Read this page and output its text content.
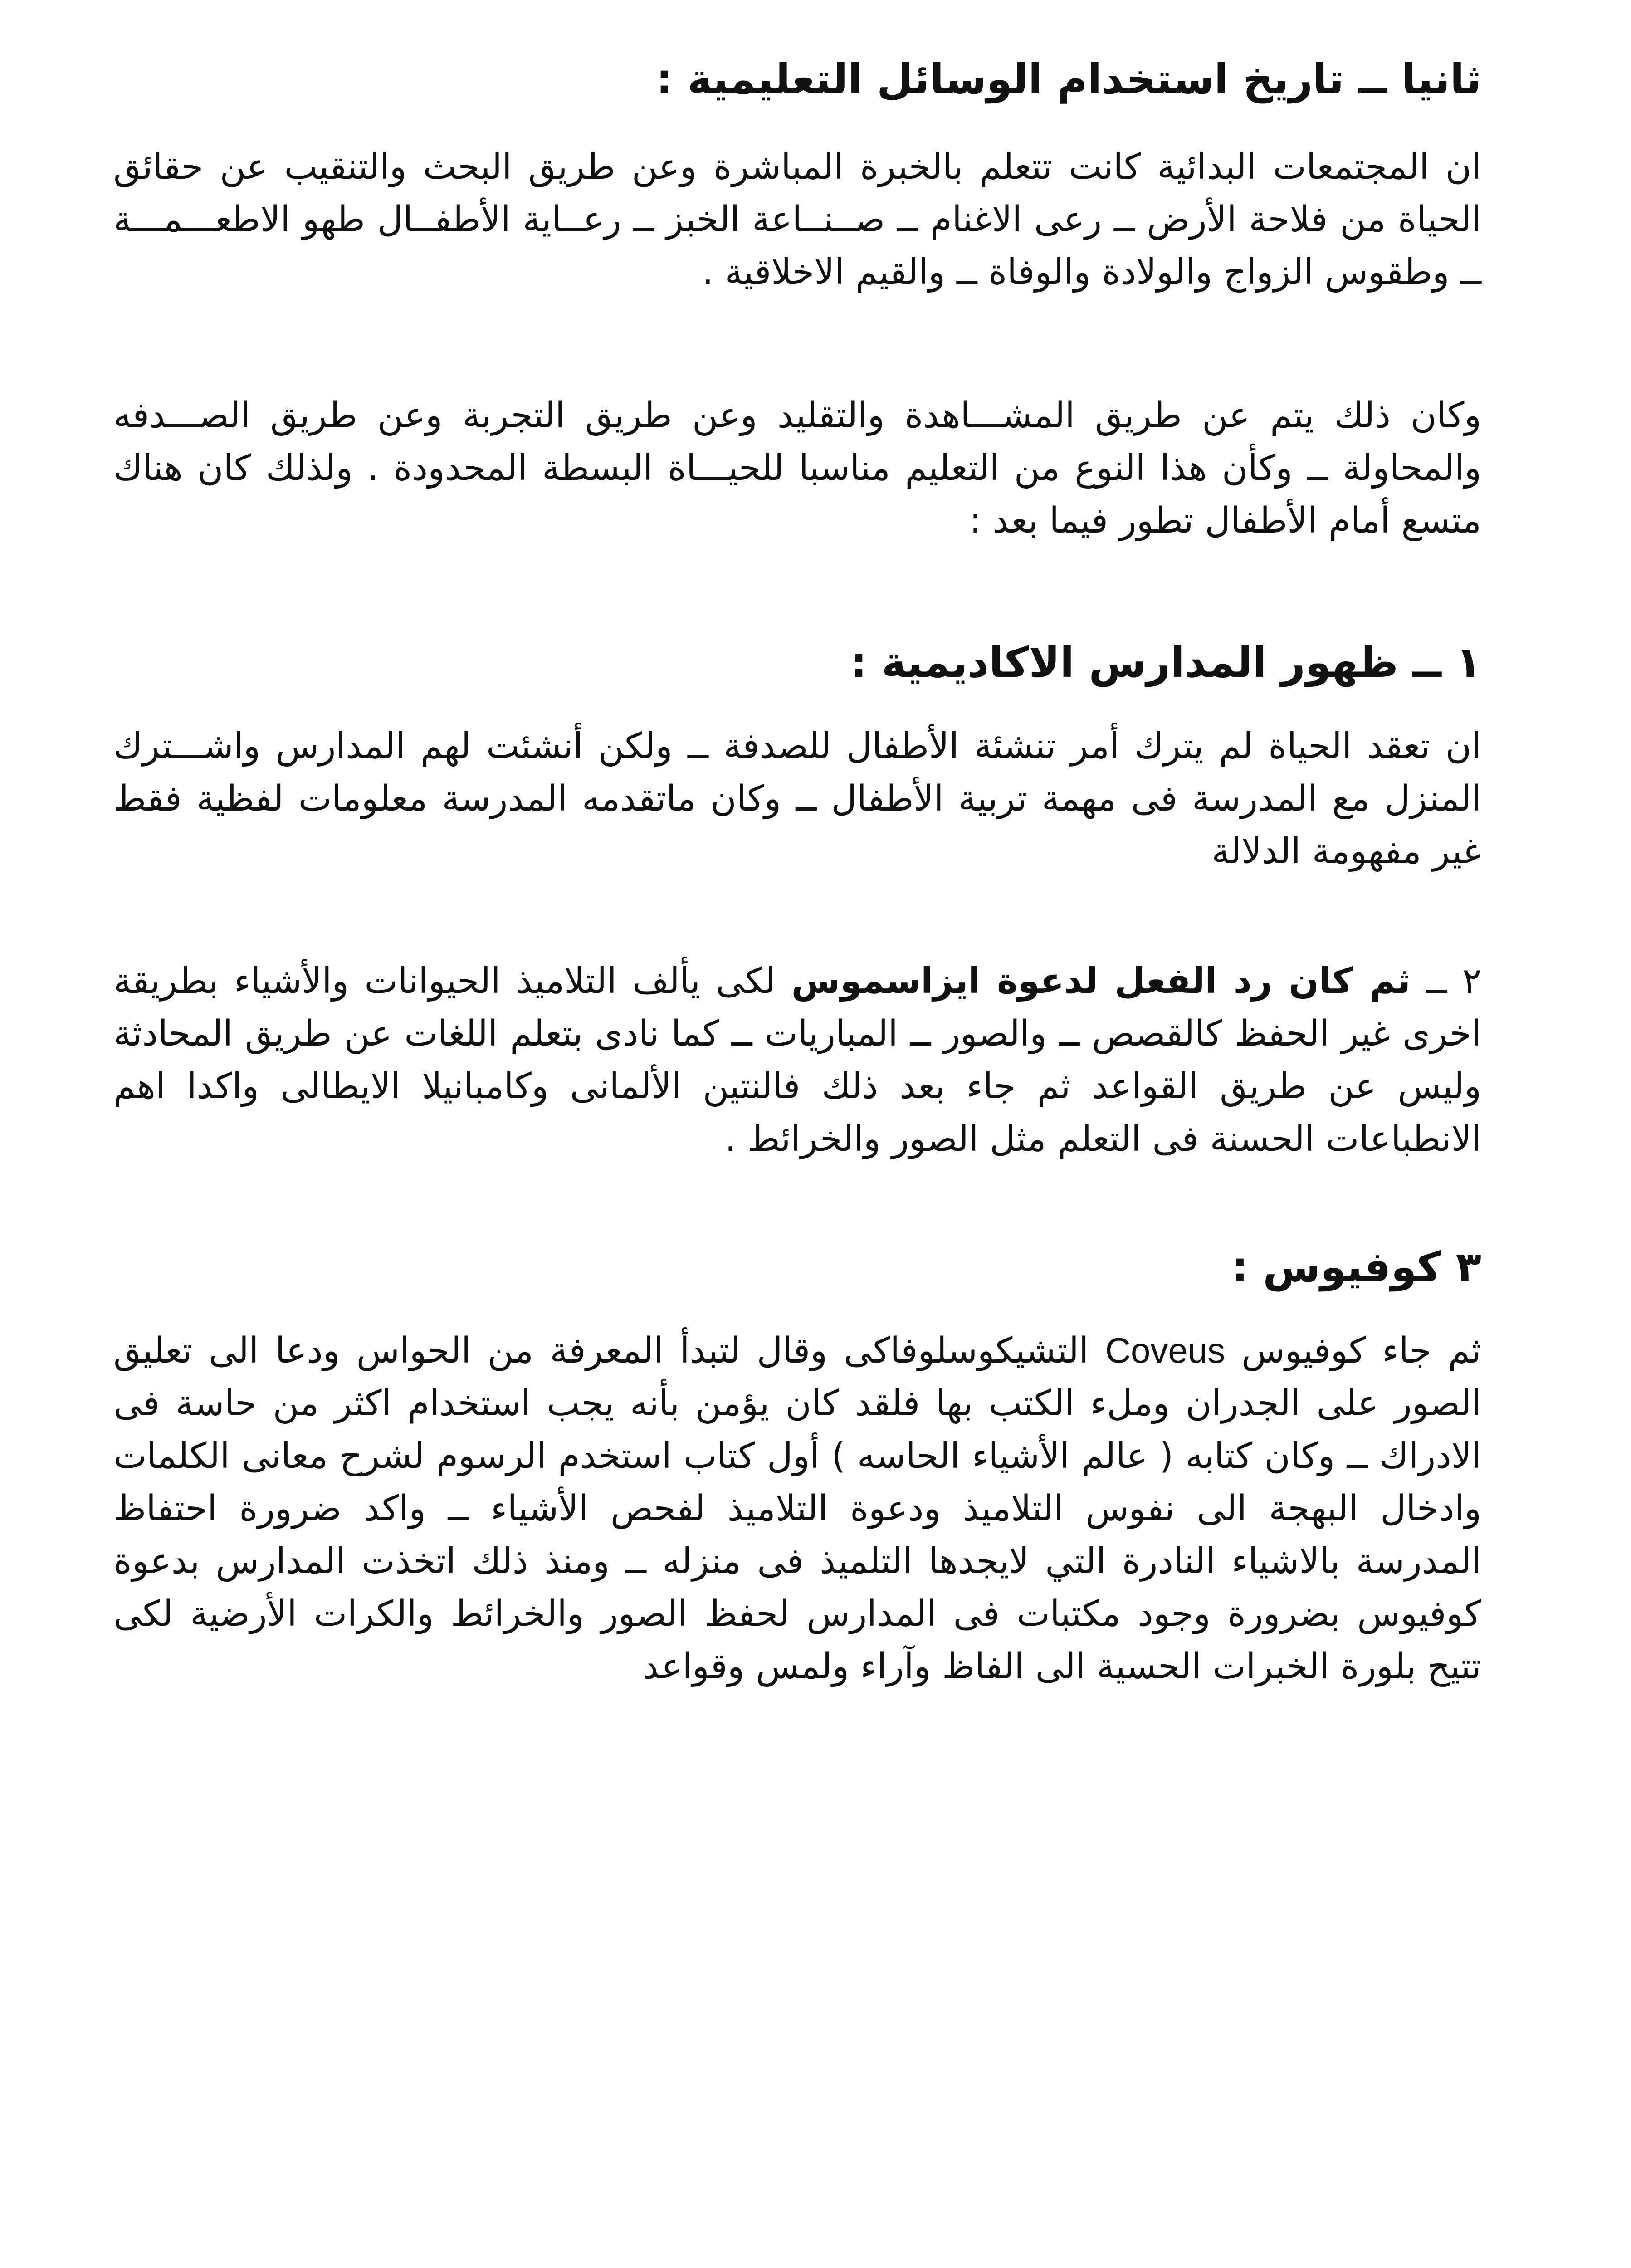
ثانيا ــ تاريخ استخدام الوسائل التعليمية :

ان المجتمعات البدائية كانت تتعلم بالخبرة المباشرة وعن طريق البحث والتنقيب عن حقائق الحياة من فلاحة الأرض ــ رعى الاغنام ــ صــنــاعة الخبز ــ رعــاية الأطفــال طهو الاطعـــمـــة ــ وطقوس الزواج والولادة والوفاة ــ والقيم الاخلاقية .

وكان ذلك يتم عن طريق المشـــاهدة والتقليد وعن طريق التجربة وعن طريق الصـــدفه والمحاولة ــ وكأن هذا النوع من التعليم مناسبا للحيـــاة البسطة المحدودة . ولذلك كان هناك متسع أمام الأطفال تطور فيما بعد :

١ ــ ظهور المدارس الاكاديمية :

ان تعقد الحياة لم يترك أمر تنشئة الأطفال للصدفة ــ ولكن أنشئت لهم المدارس واشـــترك المنزل مع المدرسة فى مهمة تربية الأطفال ــ وكان ماتقدمه المدرسة معلومات لفظية فقط غير مفهومة الدلالة

٢ ــ ثم كان رد الفعل لدعوة ايزاسموس لكى يألف التلاميذ الحيوانات والأشياء بطريقة اخرى غير الحفظ كالقصص ــ والصور ــ المباريات ــ كما نادى بتعلم اللغات عن طريق المحادثة وليس عن طريق القواعد ثم جاء بعد ذلك فالنتين الألمانى وكامبانيلا الايطالى واكدا اهم الانطباعات الحسنة فى التعلم مثل الصور والخرائط .

٣ كوفيوس :

ثم جاء كوفيوس Coveus التشيكوسلوفاكى وقال لتبدأ المعرفة من الحواس ودعا الى تعليق الصور على الجدران وملء الكتب بها فلقد كان يؤمن بأنه يجب استخدام اكثر من حاسة فى الادراك ــ وكان كتابه ( عالم الأشياء الحاسه ) أول كتاب استخدم الرسوم لشرح معانى الكلمات وادخال البهجة الى نفوس التلاميذ ودعوة التلاميذ لفحص الأشياء ــ واكد ضرورة احتفاظ المدرسة بالاشياء النادرة التي لايجدها التلميذ فى منزله ــ ومنذ ذلك اتخذت المدارس بدعوة كوفيوس بضرورة وجود مكتبات فى المدارس لحفظ الصور والخرائط والكرات الأرضية لكى تتيح بلورة الخبرات الحسية الى الفاظ وآراء ولمس وقواعد
